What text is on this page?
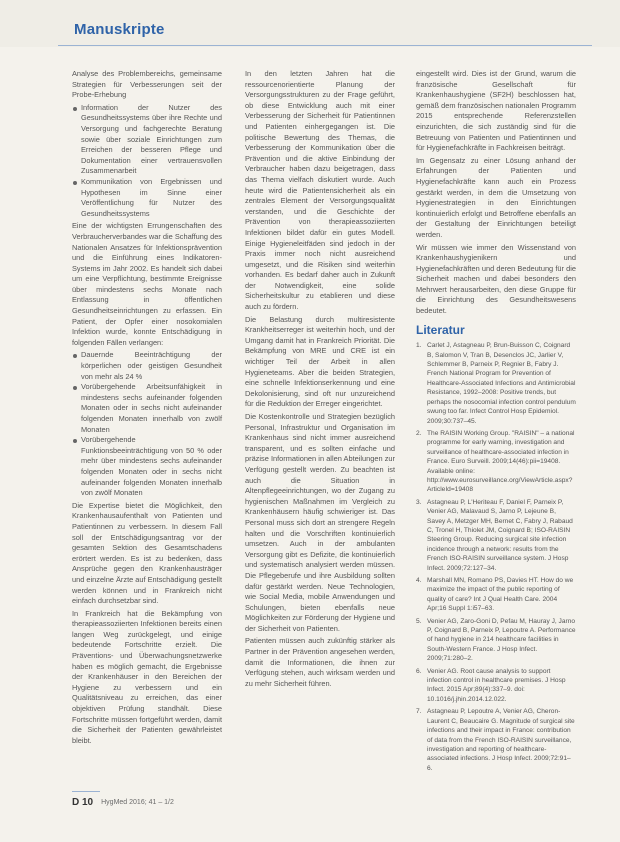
Manuskripte

Analyse des Problembereichs, gemeinsame Strategien für Verbesserungen seit der Probe-Erhebung

Information der Nutzer des Gesundheitssystems über ihre Rechte und Versorgung und fachgerechte Beratung sowie über soziale Einrichtungen zum Erreichen der besseren Pflege und Dokumentation einer vertrauensvollen Zusammenarbeit
Kommunikation von Ergebnissen und Hypothesen im Sinne einer Veröffentlichung für Nutzer des Gesundheitssystems

Eine der wichtigsten Errungenschaften des Verbraucherverbandes war die Schaffung des Nationalen Ansatzes für Infektionsprävention und die Einführung eines Indikatoren-Systems im Jahr 2002. Es handelt sich dabei um eine Verpflichtung, bestimmte Ereignisse über mindestens sechs Monate nach Entlassung in öffentlichen Gesundheitseinrichtungen zu erfassen. Ein Patient, der Opfer einer nosokomialen Infektion wurde, konnte Entschädigung in folgenden Fällen verlangen:

Dauernde Beeinträchtigung der körperlichen oder geistigen Gesundheit von mehr als 24 %
Vorübergehende Arbeitsunfähigkeit in mindestens sechs aufeinander folgenden Monaten oder in sechs nicht aufeinander folgenden Monaten innerhalb von zwölf Monaten
Vorübergehende Funktionsbeeinträchtigung von 50 % oder mehr über mindestens sechs aufeinander folgenden Monaten oder in sechs nicht aufeinander folgenden Monaten innerhalb von zwölf Monaten

Die Expertise bietet die Möglichkeit, den Krankenhausaufenthalt von Patienten und Patientinnen zu verbessern. In diesem Fall soll der Entschädigungsantrag vor der gesamten Sektion des Gesamtschadens erörtert werden. Es ist zu bedenken, dass Ansprüche gegen den Krankenhausträger und einzelne Ärzte auf Entschädigung gestellt werden können und in Frankreich nicht einfach durchsetzbar sind.

In Frankreich hat die Bekämpfung von therapieassoziierten Infektionen bereits einen langen Weg zurückgelegt, und einige bedeutende Fortschritte erzielt. Die Präventions- und Überwachungsnetzwerke haben es möglich gemacht, die Ergebnisse der Krankenhäuser in den Bereichen der Hygiene zu verbessern und ein Qualitätsniveau zu erreichen, das einer objektiven Prüfung standhält. Diese Fortschritte müssen fortgeführt werden, damit die Sicherheit der Patienten gewährleistet bleibt.

In den letzten Jahren hat die ressourcenorientierte Planung der Versorgungsstrukturen zu der Frage geführt, ob diese Entwicklung auch mit einer Verbesserung der Sicherheit für Patientinnen und Patienten einhergegangen ist. Die politische Bewertung des Themas, die Verbesserung der Kommunikation über die Prävention und die aktive Einbindung der Verbraucher haben dazu beigetragen, dass das Thema vielfach diskutiert wurde. Auch heute wird die Patientensicherheit als ein zentrales Element der Versorgungsqualität verstanden, und die Geschichte der Prävention von therapieassoziierten Infektionen bildet dafür ein gutes Modell. Einige Hygieneleitfäden sind jedoch in der Praxis immer noch nicht ausreichend umgesetzt, und die Risiken sind weiterhin vorhanden. Es bedarf daher auch in Zukunft der Notwendigkeit, eine solide Sicherheitskultur zu etablieren und diese auch zu fördern.

Die Belastung durch multiresistente Krankheitserreger ist weiterhin hoch, und der Umgang damit hat in Frankreich Priorität. Die Bekämpfung von MRE und CRE ist ein wichtiger Teil der Arbeit in allen Hygieneteams. Aber die beiden Strategien, eine schnelle Infektionserkennung und eine Dekolonisierung, sind oft nur unzureichend für die Reduktion der Erreger eingerichtet.

Die Kostenkontrolle und Strategien bezüglich Personal, Infrastruktur und Organisation im Krankenhaus sind nicht immer ausreichend transparent, und es sollten einfache und präzise Informationen in allen Abteilungen zur Verfügung gestellt werden. Zu beachten ist auch die Situation in Altenpflegeeinrichtungen, wo der Zugang zu hygienischen Maßnahmen im Vergleich zu Krankenhäusern häufig schwieriger ist. Das Personal muss sich dort an strengere Regeln halten und die Vorschriften kontinuierlich umsetzen. Auch in der ambulanten Versorgung gibt es Defizite, die kontinuierlich und systematisch analysiert werden müssen. Die Pflegeberufe und ihre Ausbildung sollten dafür gestärkt werden. Neue Technologien, wie Social Media, mobile Anwendungen und Schulungen, bieten ebenfalls neue Möglichkeiten zur Förderung der Hygiene und der Sicherheit von Patienten.

Patienten müssen auch zukünftig stärker als Partner in der Prävention angesehen werden, damit die Informationen, die ihnen zur Verfügung stehen, auch wirksam werden und zu mehr Sicherheit führen.

eingestellt wird. Dies ist der Grund, warum die französische Gesellschaft für Krankenhaushygiene (SF2H) beschlossen hat, gemäß dem französischen nationalen Programm 2015 entsprechende Referenzstellen einzurichten, die sich zuständig sind für die Betreuung von Patienten und Patientinnen und für Hygienefachkräfte in Fachkreisen beiträgt.

Im Gegensatz zu einer Lösung anhand der Erfahrungen der Patienten und Hygienefachkräfte kann auch ein Prozess gestärkt werden, in dem die Umsetzung von Hygienestrategien in den Einrichtungen kontinuierlich erfolgt und Betroffene ebenfalls an der Gestaltung der Einrichtungen beteiligt werden.

Wir müssen wie immer den Wissenstand von Krankenhaushygienikern und Hygienefachkräften und deren Bedeutung für die Sicherheit machen und dabei besonders den Mehrwert herausarbeiten, den diese Gruppe für die Einrichtung des Gesundheitswesens bedeutet.

Literatur
1. Carlet J, Astagneau P, Brun-Buisson C, Coignard B, Salomon V, Tran B, Desenclos JC, Jarlier V, Schlemmer B, Parneix P, Regnier B, Fabry J. French National Program for Prevention of Healthcare-Associated Infections and Antimicrobial Resistance, 1992–2008: Positive trends, but perhaps the nosocomial infection control pendulum swung too far. Infect Control Hosp Epidemiol. 2009;30:737–45.
2. The RAISIN Working Group. "RAISIN" – a national programme for early warning, investigation and surveillance of healthcare-associated infection in France. Euro Surveill. 2009;14(46):pii=19408. Available online: http://www.eurosurveillance.org/ViewArticle.aspx?ArticleId=19408
3. Astagneau P, L'Heriteau F, Daniel F, Parneix P, Venier AG, Malavaud S, Jarno P, Lejeune B, Savey A, Metzger MH, Bernet C, Fabry J, Rabaud C, Tronel H, Thiolet JM, Coignard B; ISO-RAISIN Steering Group. Reducing surgical site infection incidence through a network: results from the French ISO-RAISIN surveillance system. J Hosp Infect. 2009;72:127–34.
4. Marshall MN, Romano PS, Davies HT. How do we maximize the impact of the public reporting of quality of care? Int J Qual Health Care. 2004 Apr;16 Suppl 1:i57–63.
5. Venier AG, Zaro-Goni D, Pefau M, Hauray J, Jarno P, Coignard B, Parneix P, Lepoutre A. Performance of hand hygiene in 214 healthcare facilities in South-Western France. J Hosp Infect. 2009;71:280–2.
6. Venier AG. Root cause analysis to support infection control in healthcare premises. J Hosp Infect. 2015 Apr;89(4):337–9. doi: 10.1016/j.jhin.2014.12.022.
7. Astagneau P, Lepoutre A, Venier AG, Cheron-Laurent C, Beaucaire G. Magnitude of surgical site infections and their impact in France: contribution of data from the French ISO-RAISIN surveillance, investigation and reporting of healthcare-associated infections. J Hosp Infect. 2009;72:91–6.
D 10 HygMed 2016; 41 – 1/2
